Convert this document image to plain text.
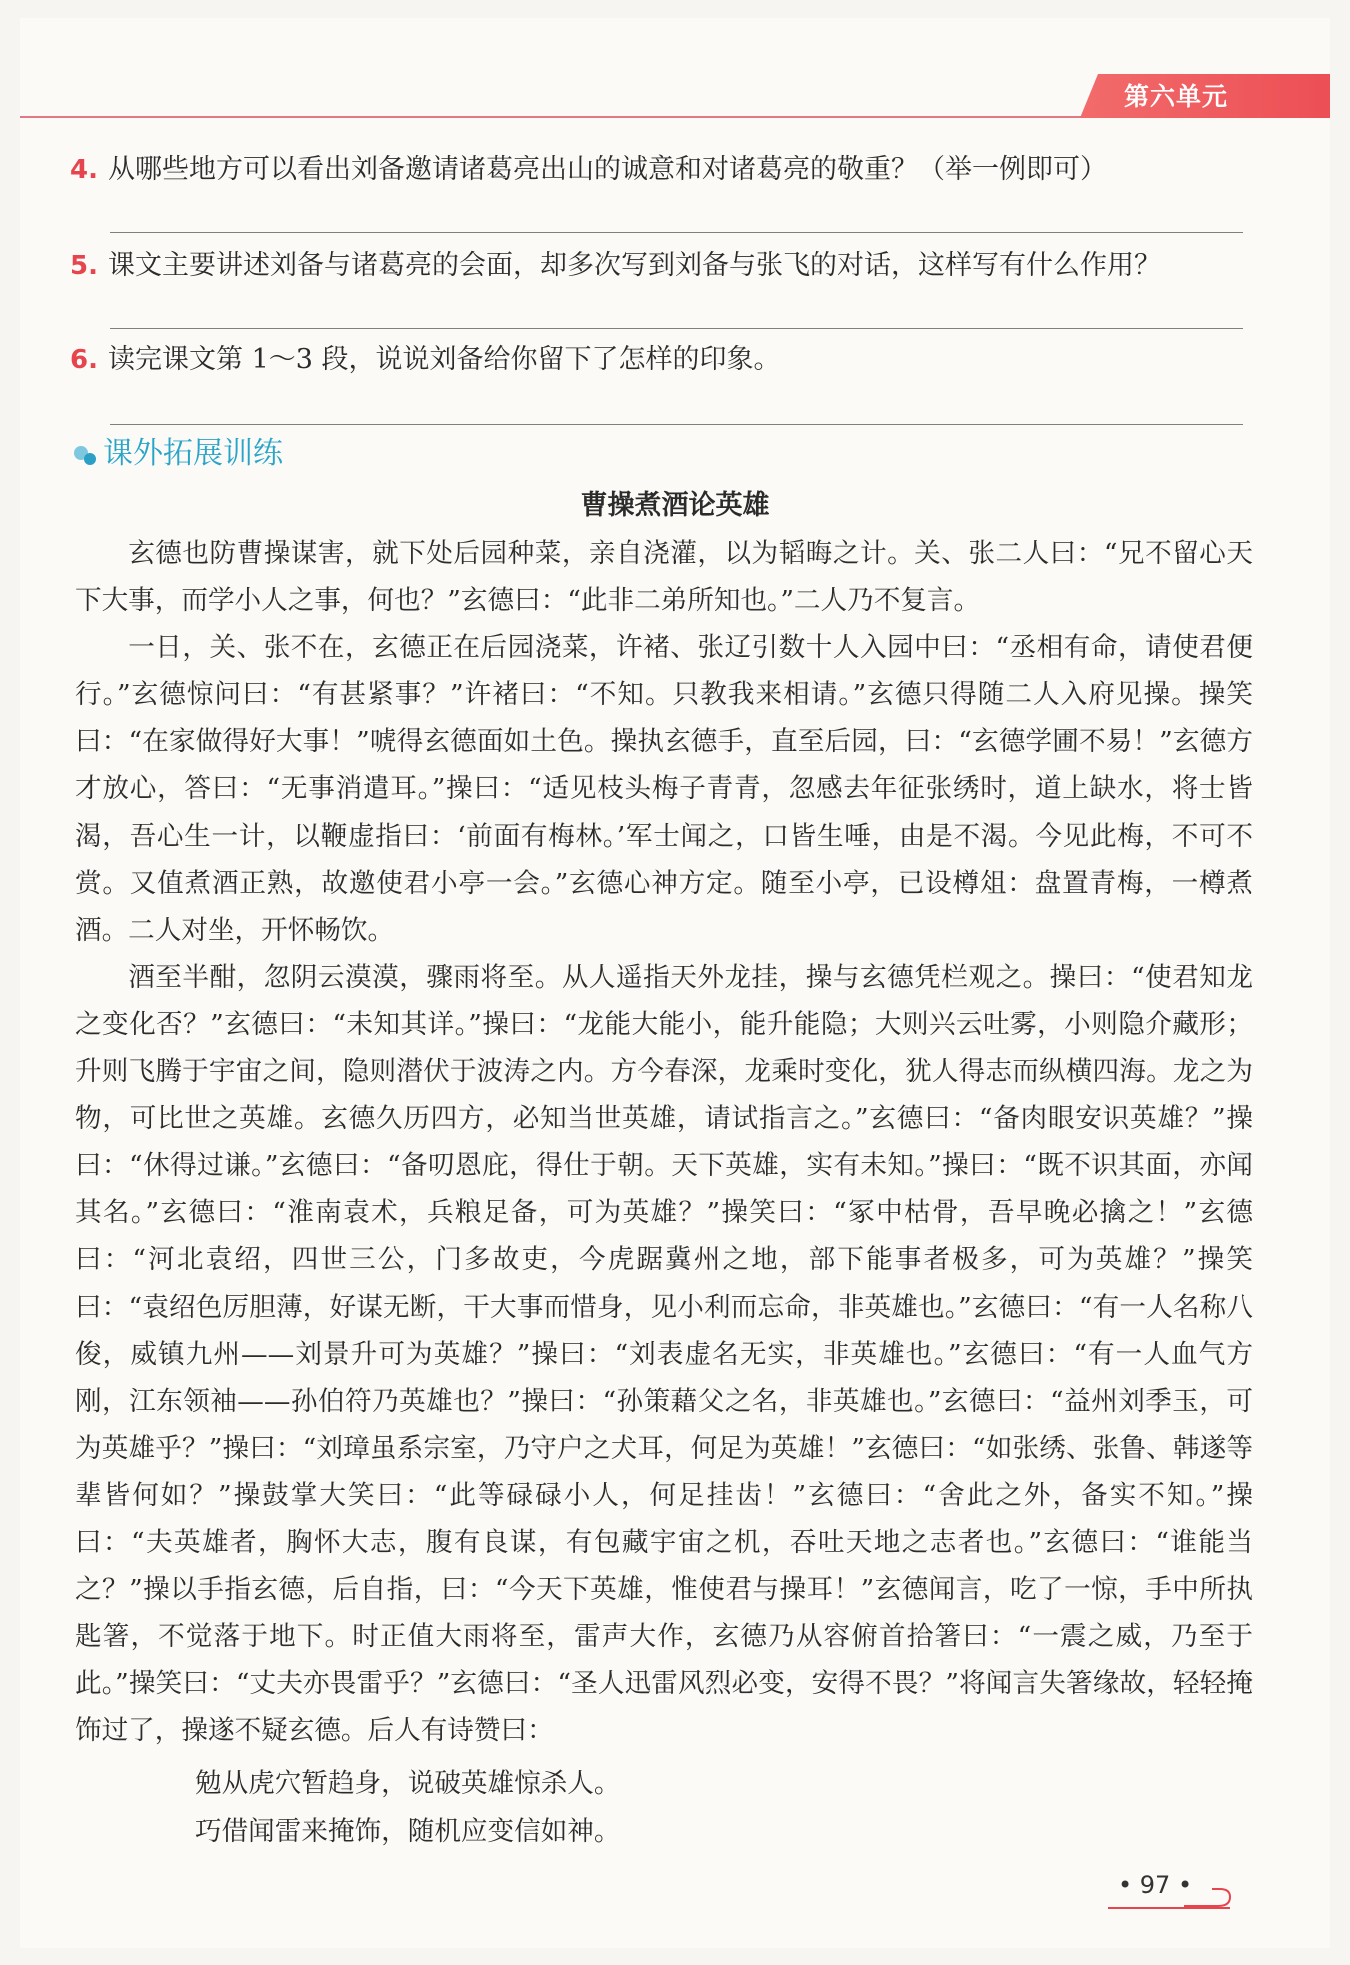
第六单元
4. 从哪些地方可以看出刘备邀请诸葛亮出山的诚意和对诸葛亮的敬重？（举一例即可）
5. 课文主要讲述刘备与诸葛亮的会面，却多次写到刘备与张飞的对话，这样写有什么作用？
6. 读完课文第 1～3 段，说说刘备给你留下了怎样的印象。
课外拓展训练
曹操煮酒论英雄

玄德也防曹操谋害，就下处后园种菜，亲自浇灌，以为韬晦之计。关、张二人曰：“兄不留心天下大事，而学小人之事，何也？”玄德曰：“此非二弟所知也。”二人乃不复言。

一日，关、张不在，玄德正在后园浇菜，许褚、张辽引数十人入园中曰：“丞相有命，请使君便行。”玄德惊问曰：“有甚紧事？”许褚曰：“不知。只教我来相请。”玄德只得随二人入府见操。操笑曰：“在家做得好大事！”唬得玄德面如土色。操执玄德手，直至后园，曰：“玄德学圃不易！”玄德方才放心，答曰：“无事消遣耳。”操曰：“适见枝头梅子青青，忽感去年征张绣时，道上缺水，将士皆渴，吾心生一计，以鞭虚指曰：‘前面有梅林。’军士闻之，口皆生唾，由是不渴。今见此梅，不可不赏。又值煮酒正熟，故邀使君小亭一会。”玄德心神方定。随至小亭，已设樽俎：盘置青梅，一樽煮酒。二人对坐，开怀畅饮。

酒至半酣，忽阴云漠漠，骤雨将至。从人遥指天外龙挂，操与玄德凭栏观之。操曰：“使君知龙之变化否？”玄德曰：“未知其详。”操曰：“龙能大能小，能升能隐；大则兴云吐雾，小则隐介藏形；升则飞腾于宇宙之间，隐则潜伏于波涛之内。方今春深，龙乘时变化，犹人得志而纵横四海。龙之为物，可比世之英雄。玄德久历四方，必知当世英雄，请试指言之。”玄德曰：“备肉眼安识英雄？”操曰：“休得过谦。”玄德曰：“备叨恩庇，得仕于朝。天下英雄，实有未知。”操曰：“既不识其面，亦闻其名。”玄德曰：“淮南袁术，兵粮足备，可为英雄？”操笑曰：“冢中枯骨，吾早晚必擒之！”玄德曰：“河北袁绍，四世三公，门多故吏，今虎踞冀州之地，部下能事者极多，可为英雄？”操笑曰：“袁绍色厉胆薄，好谋无断，干大事而惜身，见小利而忘命，非英雄也。”玄德曰：“有一人名称八俊，威镇九州——刘景升可为英雄？”操曰：“刘表虚名无实，非英雄也。”玄德曰：“有一人血气方刚，江东领袖——孙伯符乃英雄也？”操曰：“孙策藉父之名，非英雄也。”玄德曰：“益州刘季玉，可为英雄乎？”操曰：“刘璋虽系宗室，乃守户之犬耳，何足为英雄！”玄德曰：“如张绣、张鲁、韩遂等辈皆何如？”操鼓掌大笑曰：“此等碌碌小人，何足挂齿！”玄德曰：“舍此之外，备实不知。”操曰：“夫英雄者，胸怀大志，腹有良谋，有包藏宇宙之机，吞吐天地之志者也。”玄德曰：“谁能当之？”操以手指玄德，后自指，曰：“今天下英雄，惟使君与操耳！”玄德闻言，吃了一惊，手中所执匙箸，不觉落于地下。时正值大雨将至，雷声大作，玄德乃从容俯首拾箸曰：“一震之威，乃至于此。”操笑曰：“丈夫亦畏雷乎？”玄德曰：“圣人迅雷风烈必变，安得不畏？”将闻言失箸缘故，轻轻掩饰过了，操遂不疑玄德。后人有诗赞曰：

勉从虎穴暂趋身，说破英雄惊杀人。
巧借闻雷来掩饰，随机应变信如神。
• 97 •
